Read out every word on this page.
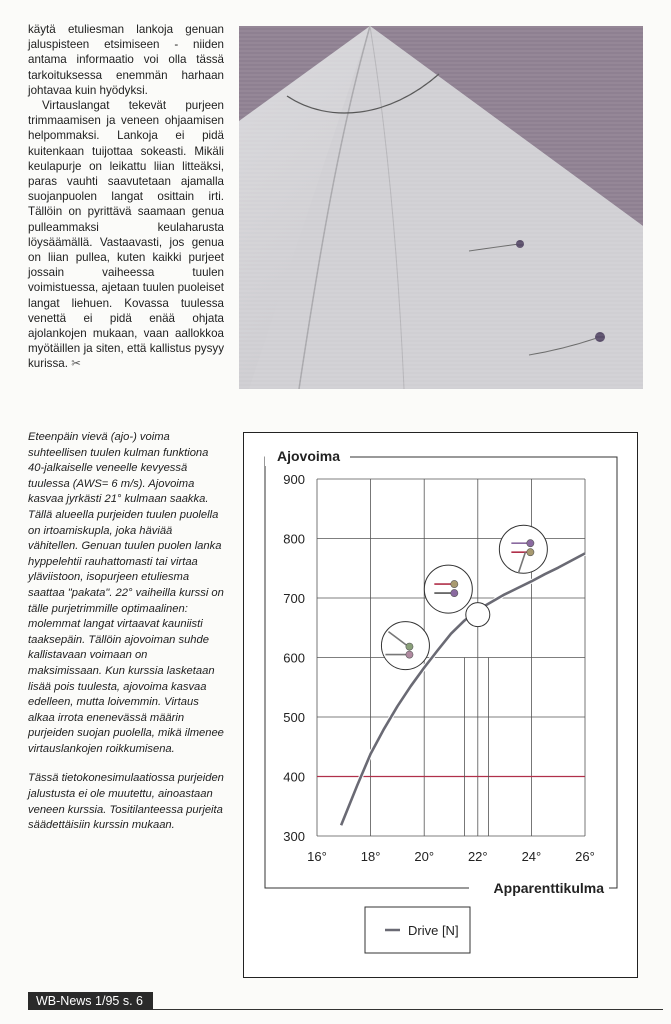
käytä etuliesman lankoja genuan jaluspisteen etsimiseen - niiden antama informaatio voi olla tässä tarkoituksessa enemmän harhaan johtavaa kuin hyödyksi.

Virtauslangat tekevät purjeen trimmaamisen ja veneen ohjaamisen helpommaksi. Lankoja ei pidä kuitenkaan tuijottaa sokeasti. Mikäli keulapurje on leikattu liian litteäksi, paras vauhti saavutetaan ajamalla suojanpuolen langat osittain irti. Tällöin on pyrittävä saamaan genua pulleammaksi keulaharusta löysäämällä. Vastaavasti, jos genua on liian pullea, kuten kaikki purjeet jossain vaiheessa tuulen voimistuessa, ajetaan tuulen puoleiset langat liehuen. Kovassa tuulessa venettä ei pidä enää ohjata ajolankojen mukaan, vaan aallokkoa myötäillen ja siten, että kallistus pysyy kurissa. ✂

Eteenpäin vievä (ajo-) voima suhteellisen tuulen kulman funktiona 40-jalkaiselle veneelle kevyessä tuulessa (AWS= 6 m/s). Ajovoima kasvaa jyrkästi 21° kulmaan saakka. Tällä alueella purjeiden tuulen puolella on irtoamiskupla, joka häviää vähitellen. Genuan tuulen puolen lanka hyppelehtii rauhattomasti tai virtaa yläviistoon, isopurjeen etuliesma saattaa "pakata". 22° vaiheilla kurssi on tälle purjetrimmille optimaalinen: molemmat langat virtaavat kauniisti taaksepäin. Tällöin ajovoiman suhde kallistavaan voimaan on maksimissaan. Kun kurssia lasketaan lisää pois tuulesta, ajovoima kasvaa edelleen, mutta loivemmin. Virtaus alkaa irrota enenevässä määrin purjeiden suojan puolella, mikä ilmenee virtauslankojen roikkumisena.

Tässä tietokonesimulaatiossa purjeiden jalustusta ei ole muutettu, ainoastaan veneen kurssia. Tositilanteessa purjeita säädettäisiin kurssin mukaan.

Ajovoima
Apparenttikulma
16°	18°	20°	22°	24°	26°
900
800
700
600
500
400
300
Drive [N]
WB-News 1/95 s. 6
